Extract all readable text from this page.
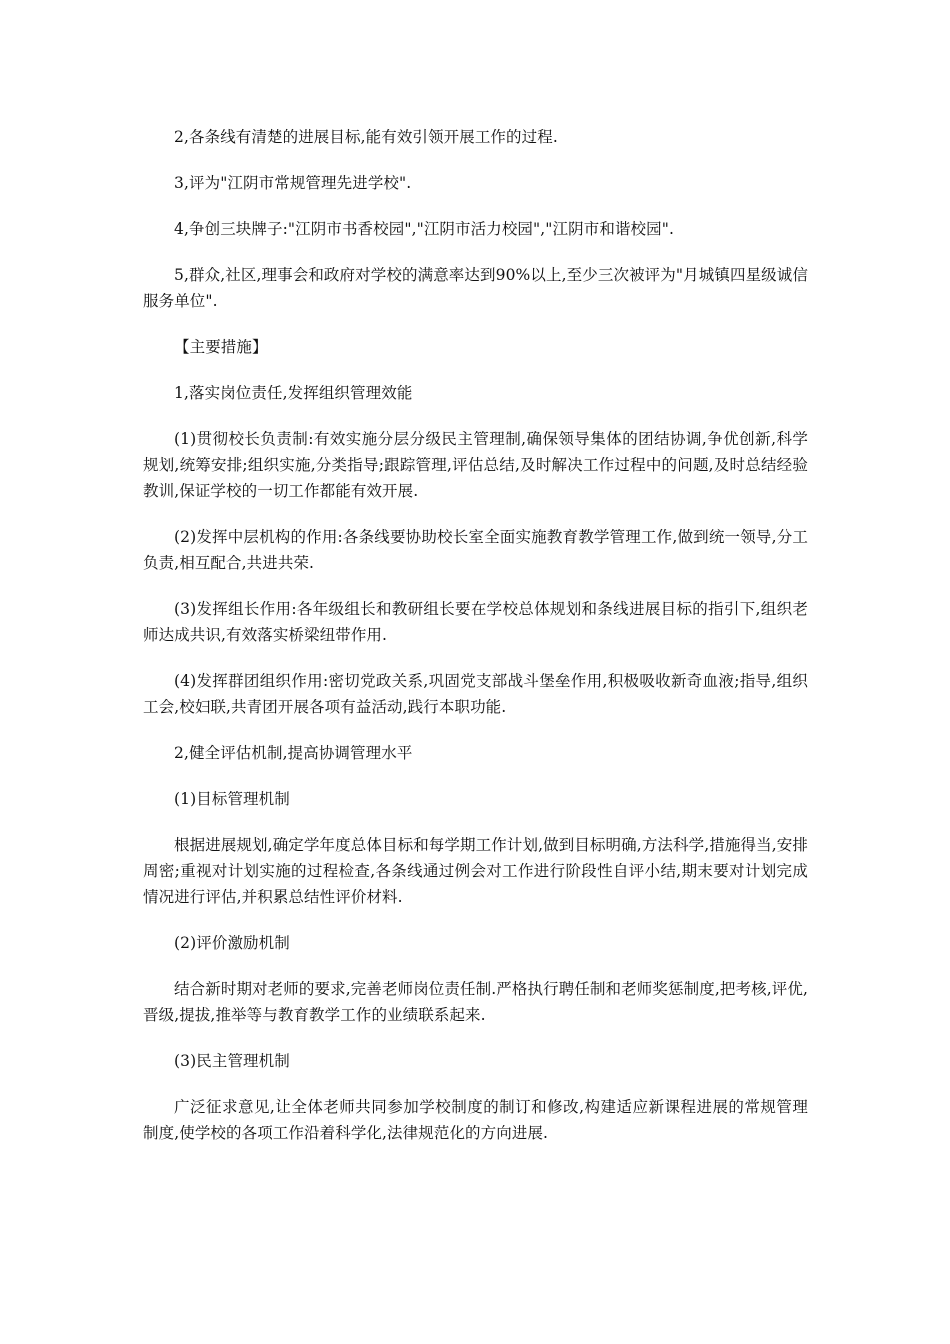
2,各条线有清楚的进展目标,能有效引领开展工作的过程.

3,评为"江阴市常规管理先进学校".

4,争创三块牌子:"江阴市书香校园","江阴市活力校园","江阴市和谐校园".

5,群众,社区,理事会和政府对学校的满意率达到90%以上,至少三次被评为"月城镇四星级诚信服务单位".

【主要措施】

1,落实岗位责任,发挥组织管理效能

(1)贯彻校长负责制:有效实施分层分级民主管理制,确保领导集体的团结协调,争优创新,科学规划,统筹安排;组织实施,分类指导;跟踪管理,评估总结,及时解决工作过程中的问题,及时总结经验教训,保证学校的一切工作都能有效开展.

(2)发挥中层机构的作用:各条线要协助校长室全面实施教育教学管理工作,做到统一领导,分工负责,相互配合,共进共荣.

(3)发挥组长作用:各年级组长和教研组长要在学校总体规划和条线进展目标的指引下,组织老师达成共识,有效落实桥梁纽带作用.

(4)发挥群团组织作用:密切党政关系,巩固党支部战斗堡垒作用,积极吸收新奇血液;指导,组织工会,校妇联,共青团开展各项有益活动,践行本职功能.

2,健全评估机制,提高协调管理水平

(1)目标管理机制

根据进展规划,确定学年度总体目标和每学期工作计划,做到目标明确,方法科学,措施得当,安排周密;重视对计划实施的过程检查,各条线通过例会对工作进行阶段性自评小结,期末要对计划完成情况进行评估,并积累总结性评价材料.

(2)评价激励机制

结合新时期对老师的要求,完善老师岗位责任制.严格执行聘任制和老师奖惩制度,把考核,评优,晋级,提拔,推举等与教育教学工作的业绩联系起来.

(3)民主管理机制

广泛征求意见,让全体老师共同参加学校制度的制订和修改,构建适应新课程进展的常规管理制度,使学校的各项工作沿着科学化,法律规范化的方向进展.
